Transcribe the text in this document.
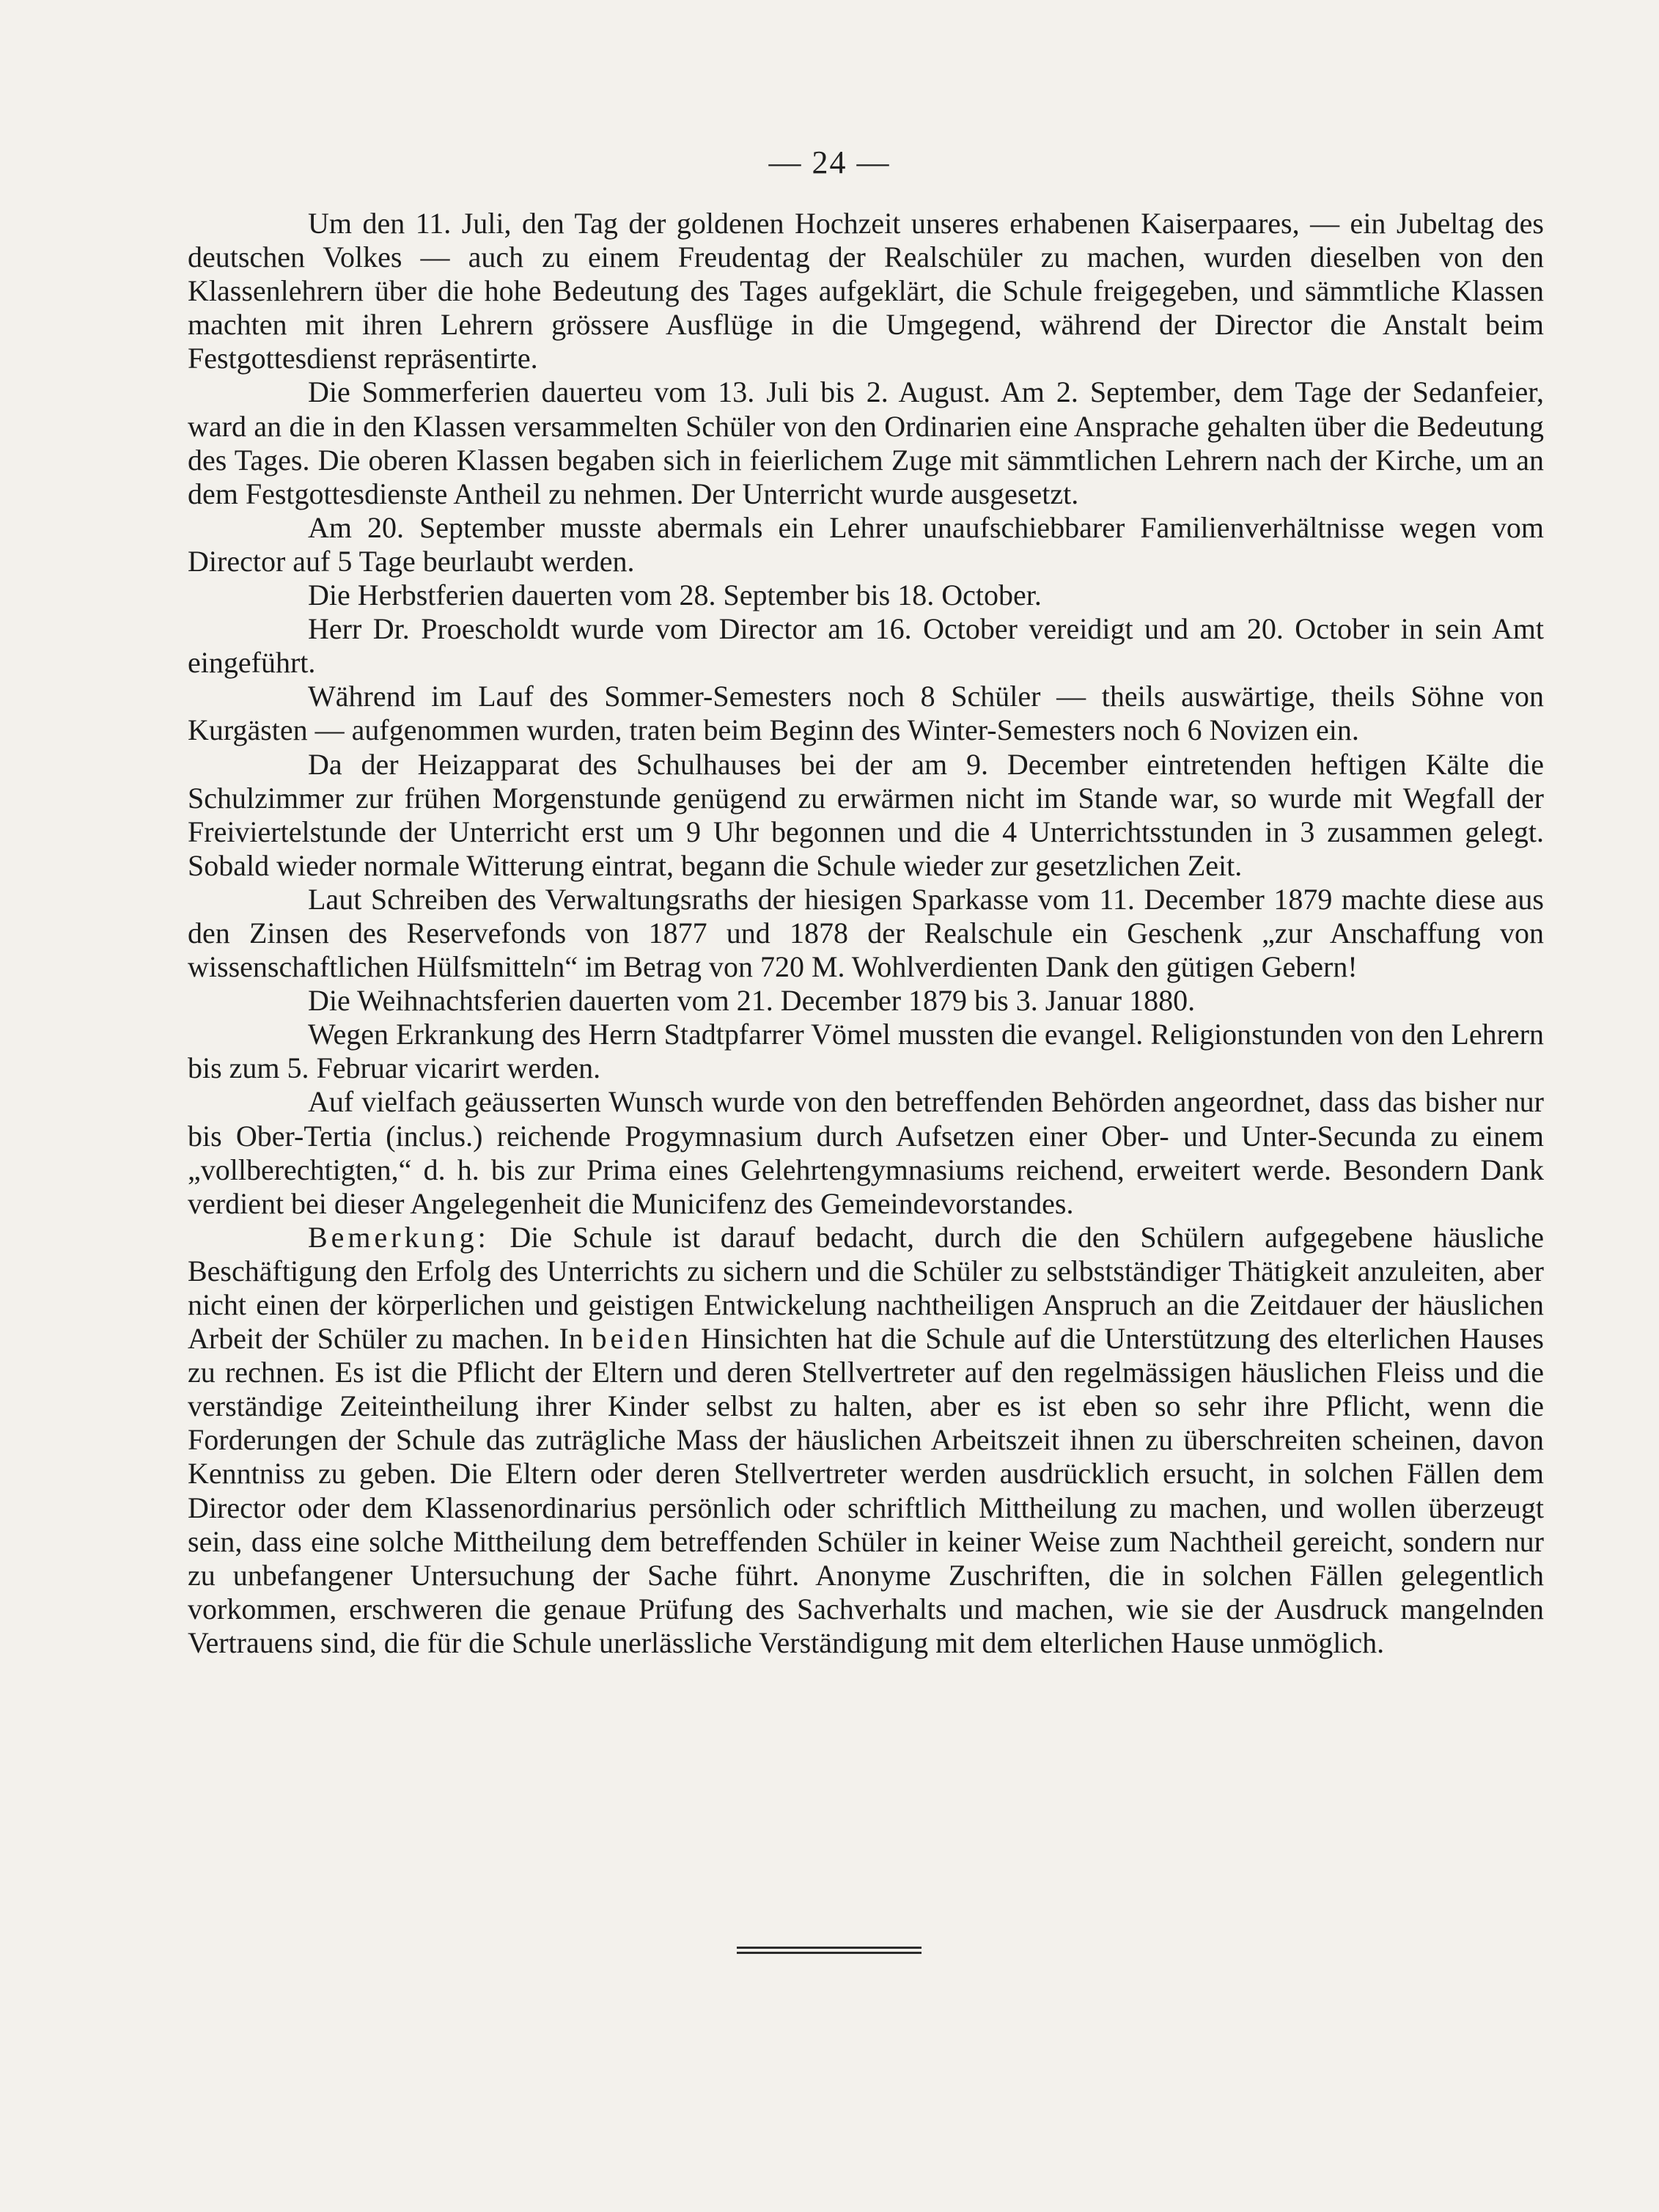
— 24 —

Um den 11. Juli, den Tag der goldenen Hochzeit unseres erhabenen Kaiserpaares, — ein Jubeltag des deutschen Volkes — auch zu einem Freudentag der Realschüler zu machen, wurden dieselben von den Klassenlehrern über die hohe Bedeutung des Tages aufgeklärt, die Schule freigegeben, und sämmtliche Klassen machten mit ihren Lehrern grössere Ausflüge in die Umgegend, während der Director die Anstalt beim Festgottesdienst repräsentirte.

Die Sommerferien dauerteu vom 13. Juli bis 2. August. Am 2. September, dem Tage der Sedanfeier, ward an die in den Klassen versammelten Schüler von den Ordinarien eine Ansprache gehalten über die Bedeutung des Tages. Die oberen Klassen begaben sich in feierlichem Zuge mit sämmtlichen Lehrern nach der Kirche, um an dem Festgottesdienste Antheil zu nehmen. Der Unterricht wurde ausgesetzt.

Am 20. September musste abermals ein Lehrer unaufschiebbarer Familienverhältnisse wegen vom Director auf 5 Tage beurlaubt werden.

Die Herbstferien dauerten vom 28. September bis 18. October.

Herr Dr. Proescholdt wurde vom Director am 16. October vereidigt und am 20. October in sein Amt eingeführt.

Während im Lauf des Sommer-Semesters noch 8 Schüler — theils auswärtige, theils Söhne von Kurgästen — aufgenommen wurden, traten beim Beginn des Winter-Semesters noch 6 Novizen ein.

Da der Heizapparat des Schulhauses bei der am 9. December eintretenden heftigen Kälte die Schulzimmer zur frühen Morgenstunde genügend zu erwärmen nicht im Stande war, so wurde mit Wegfall der Freiviertelstunde der Unterricht erst um 9 Uhr begonnen und die 4 Unterrichtsstunden in 3 zusammen gelegt. Sobald wieder normale Witterung eintrat, begann die Schule wieder zur gesetzlichen Zeit.

Laut Schreiben des Verwaltungsraths der hiesigen Sparkasse vom 11. December 1879 machte diese aus den Zinsen des Reservefonds von 1877 und 1878 der Realschule ein Geschenk „zur Anschaffung von wissenschaftlichen Hülfsmitteln“ im Betrag von 720 M. Wohlverdienten Dank den gütigen Gebern!

Die Weihnachtsferien dauerten vom 21. December 1879 bis 3. Januar 1880.

Wegen Erkrankung des Herrn Stadtpfarrer Vömel mussten die evangel. Religionstunden von den Lehrern bis zum 5. Februar vicarirt werden.

Auf vielfach geäusserten Wunsch wurde von den betreffenden Behörden angeordnet, dass das bisher nur bis Ober-Tertia (inclus.) reichende Progymnasium durch Aufsetzen einer Ober- und Unter-Secunda zu einem „vollberechtigten,“ d. h. bis zur Prima eines Gelehrtengymnasiums reichend, erweitert werde. Besondern Dank verdient bei dieser Angelegenheit die Municifenz des Gemeindevorstandes.

Bemerkung: Die Schule ist darauf bedacht, durch die den Schülern aufgegebene häusliche Beschäftigung den Erfolg des Unterrichts zu sichern und die Schüler zu selbstständiger Thätigkeit anzuleiten, aber nicht einen der körperlichen und geistigen Entwickelung nachtheiligen Anspruch an die Zeitdauer der häuslichen Arbeit der Schüler zu machen. In beiden Hinsichten hat die Schule auf die Unterstützung des elterlichen Hauses zu rechnen. Es ist die Pflicht der Eltern und deren Stellvertreter auf den regelmässigen häuslichen Fleiss und die verständige Zeiteintheilung ihrer Kinder selbst zu halten, aber es ist eben so sehr ihre Pflicht, wenn die Forderungen der Schule das zuträgliche Mass der häuslichen Arbeitszeit ihnen zu überschreiten scheinen, davon Kenntniss zu geben. Die Eltern oder deren Stellvertreter werden ausdrücklich ersucht, in solchen Fällen dem Director oder dem Klassenordinarius persönlich oder schriftlich Mittheilung zu machen, und wollen überzeugt sein, dass eine solche Mittheilung dem betreffenden Schüler in keiner Weise zum Nachtheil gereicht, sondern nur zu unbefangener Untersuchung der Sache führt. Anonyme Zuschriften, die in solchen Fällen gelegentlich vorkommen, erschweren die genaue Prüfung des Sachverhalts und machen, wie sie der Ausdruck mangelnden Vertrauens sind, die für die Schule unerlässliche Verständigung mit dem elterlichen Hause unmöglich.
